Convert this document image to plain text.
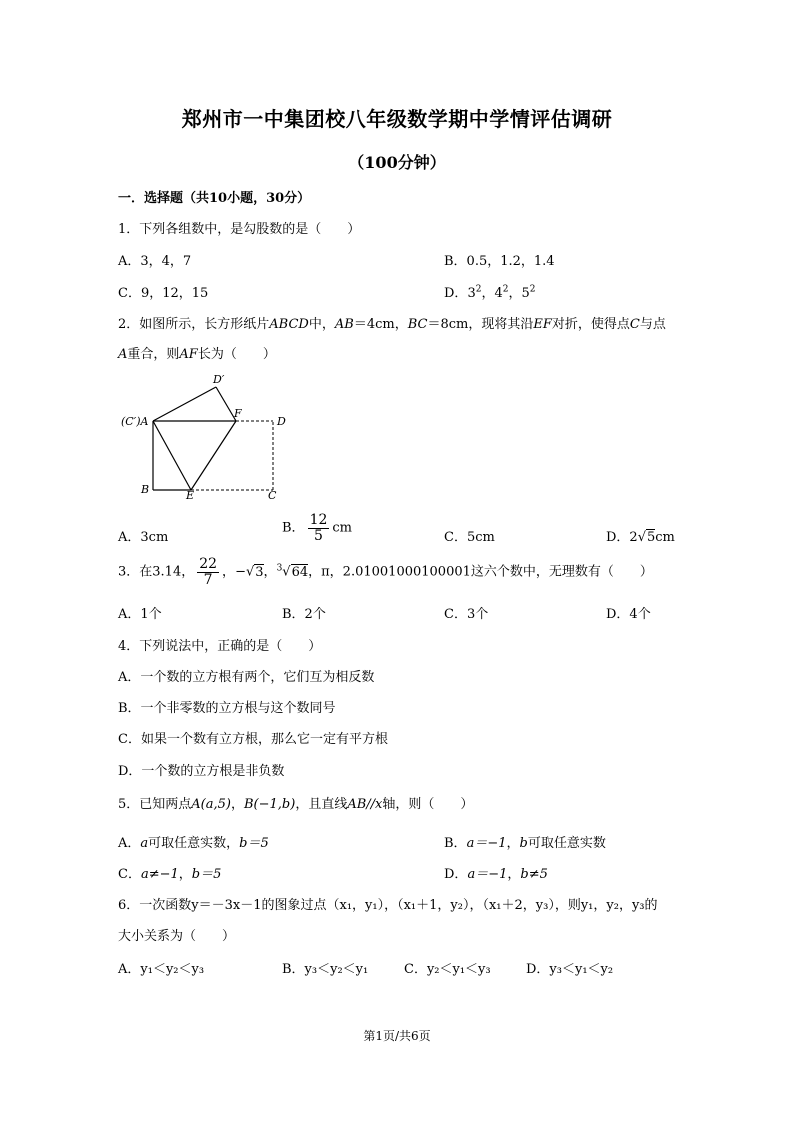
郑州市一中集团校八年级数学期中学情评估调研
（100分钟）
一．选择题（共10小题，30分）
1．下列各组数中，是勾股数的是（　　）
A．3，4，7	B．0.5，1.2，1.4
C．9，12，15	D．$3^2$，$4^2$，$5^2$
2．如图所示，长方形纸片ABCD中，AB＝4cm，BC＝8cm，现将其沿EF对折，使得点C与点
A重合，则AF长为（　　）
D′
(C′)A
F
D
B	E	C
A．3cm
B． $\frac{12}{5}$ cm
C．5cm	D．2√5cm
3．在3.14， $\frac{22}{7}$ ，−√3，$^3$√64，π，2.01001000100001这六个数中，无理数有（　　）
A．1个	B．2个	C．3个	D．4个
4．下列说法中，正确的是（　　）
A．一个数的立方根有两个，它们互为相反数
B．一个非零数的立方根与这个数同号
C．如果一个数有立方根，那么它一定有平方根
D．一个数的立方根是非负数
5．已知两点A(a,5)，B(−1,b)，且直线AB//x轴，则（　　）
A．a可取任意实数，b＝5	B．a＝−1，b可取任意实数
C．a≠−1，b＝5	D．a＝−1，b≠5
6．一次函数y＝－3x－1的图象过点（x₁，y₁），（x₁＋1，y₂），（x₁＋2，y₃），则y₁，y₂，y₃的
大小关系为（　　）
A．y₁＜y₂＜y₃	B．y₃＜y₂＜y₁	C．y₂＜y₁＜y₃	D．y₃＜y₁＜y₂
第1页/共6页
